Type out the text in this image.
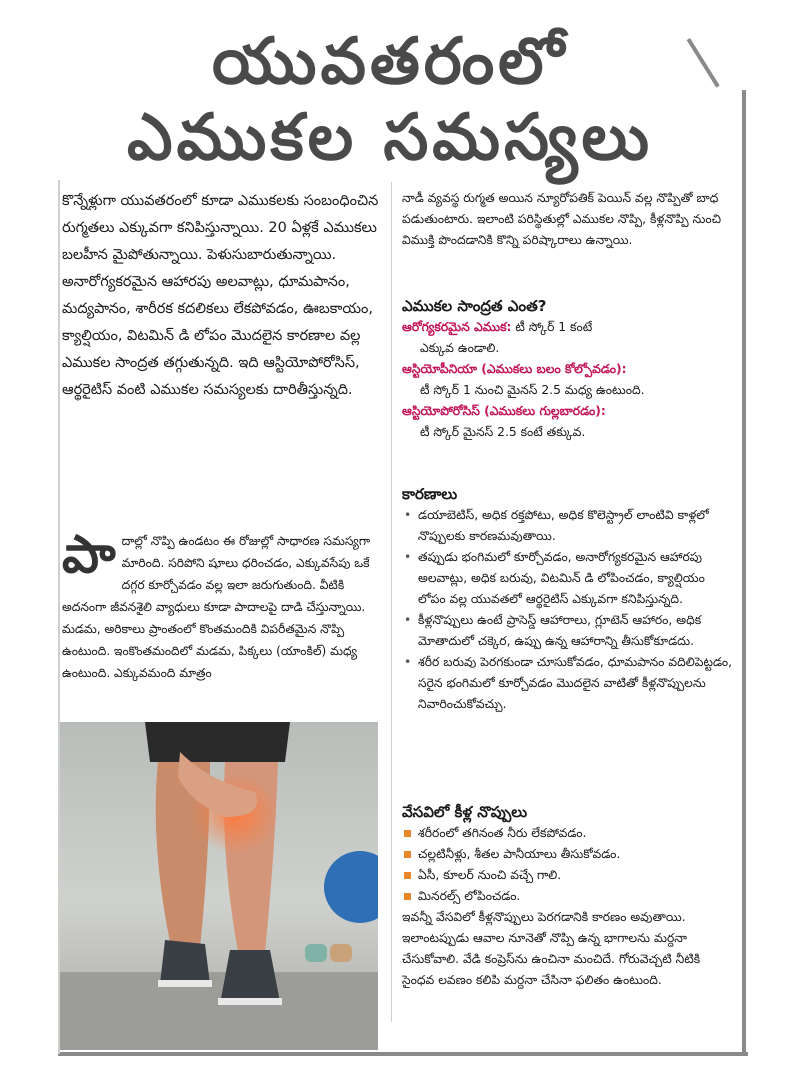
యువతరంలో
ఎముకల సమస్యలు

కొన్నేళ్లుగా యువతరంలో కూడా ఎముకలకు సంబంధించిన రుగ్మతలు ఎక్కువగా కనిపిస్తున్నాయి. 20 ఏళ్లకే ఎముకలు బలహీన మైపోతున్నాయి. పెళుసుబారుతున్నాయి. అనారోగ్యకరమైన ఆహారపు అలవాట్లు, ధూమపానం, మద్యపానం, శారీరక కదలికలు లేకపోవడం, ఊబకాయం, క్యాల్షియం, విటమిన్ డి లోపం మొదలైన కారణాల వల్ల ఎముకల సాంద్రత తగ్గుతున్నది. ఇది ఆస్టియోపోరోసిస్, ఆర్థరైటిస్ వంటి ఎముకల సమస్యలకు దారితీస్తున్నది.

పాదాల్లో నొప్పి ఉండటం ఈ రోజుల్లో సాధారణ సమస్యగా మారింది. సరిపోని షూలు ధరించడం, ఎక్కువసేపు ఒకే దగ్గర కూర్చోవడం వల్ల ఇలా జరుగుతుంది. వీటికి అదనంగా జీవనశైలి వ్యాధులు కూడా పాదాలపై దాడి చేస్తున్నాయి. మడమ, అరికాలు ప్రాంతంలో కొంతమందికి విపరీతమైన నొప్పి ఉంటుంది. ఇంకొంతమందిలో మడమ, పిక్కలు (యాంకిల్) మధ్య ఉంటుంది. ఎక్కువమంది మాత్రం

నాడీ వ్యవస్థ రుగ్మత అయిన న్యూరోపతిక్ పెయిన్ వల్ల నొప్పితో బాధ పడుతుంటారు. ఇలాంటి పరిస్థితుల్లో ఎముకల నొప్పి, కీళ్లనొప్పి నుంచి విముక్తి పొందడానికి కొన్ని పరిష్కారాలు ఉన్నాయి.

ఎముకల సాంద్రత ఎంత?

ఆరోగ్యకరమైన ఎముక: టీ స్కోర్ 1 కంటే

ఎక్కువ ఉండాలి.

ఆస్టియోపీనియా (ఎముకలు బలం కోల్పోవడం):

టీ స్కోర్ 1 నుంచి మైనస్ 2.5 మధ్య ఉంటుంది.

ఆస్టియోపోరోసిస్ (ఎముకలు గుల్లబారడం):

టీ స్కోర్ మైనస్ 2.5 కంటే తక్కువ.

కారణాలు

• డయాబెటిస్, అధిక రక్తపోటు, అధిక కొలెస్ట్రాల్ లాంటివి కాళ్లలో నొప్పులకు కారణమవుతాయి.
• తప్పుడు భంగిమలో కూర్చోవడం, అనారోగ్యకరమైన ఆహారపు అలవాట్లు, అధిక బరువు, విటమిన్ డి లోపించడం, క్యాల్షియం లోపం వల్ల యువతలో ఆర్థరైటిస్ ఎక్కువగా కనిపిస్తున్నది.
• కీళ్లనొప్పులు ఉంటే ప్రాసెస్డ్ ఆహారాలు, గ్లూటెన్ ఆహారం, అధిక మోతాదులో చక్కెర, ఉప్పు ఉన్న ఆహారాన్ని తీసుకోకూడదు.
• శరీర బరువు పెరగకుండా చూసుకోవడం, ధూమపానం వదిలిపెట్టడం, సరైన భంగిమలో కూర్చోవడం మొదలైన వాటితో కీళ్లనొప్పులను నివారించుకోవచ్చు.

వేసవిలో కీళ్ల నొప్పులు

శరీరంలో తగినంత నీరు లేకపోవడం.
చల్లటినీళ్లు, శీతల పానీయాలు తీసుకోవడం.
ఏసీ, కూలర్ నుంచి వచ్చే గాలి.
మినరల్స్ లోపించడం.

ఇవన్నీ వేసవిలో కీళ్లనొప్పులు పెరగడానికి కారణం అవుతాయి. ఇలాంటప్పుడు ఆవాల నూనెతో నొప్పి ఉన్న భాగాలను మర్దనా చేసుకోవాలి. వేడి కంప్రెస్‌ను ఉంచినా మంచిదే. గోరువెచ్చటి నీటికి సైంధవ లవణం కలిపి మర్దనా చేసినా ఫలితం ఉంటుంది.
